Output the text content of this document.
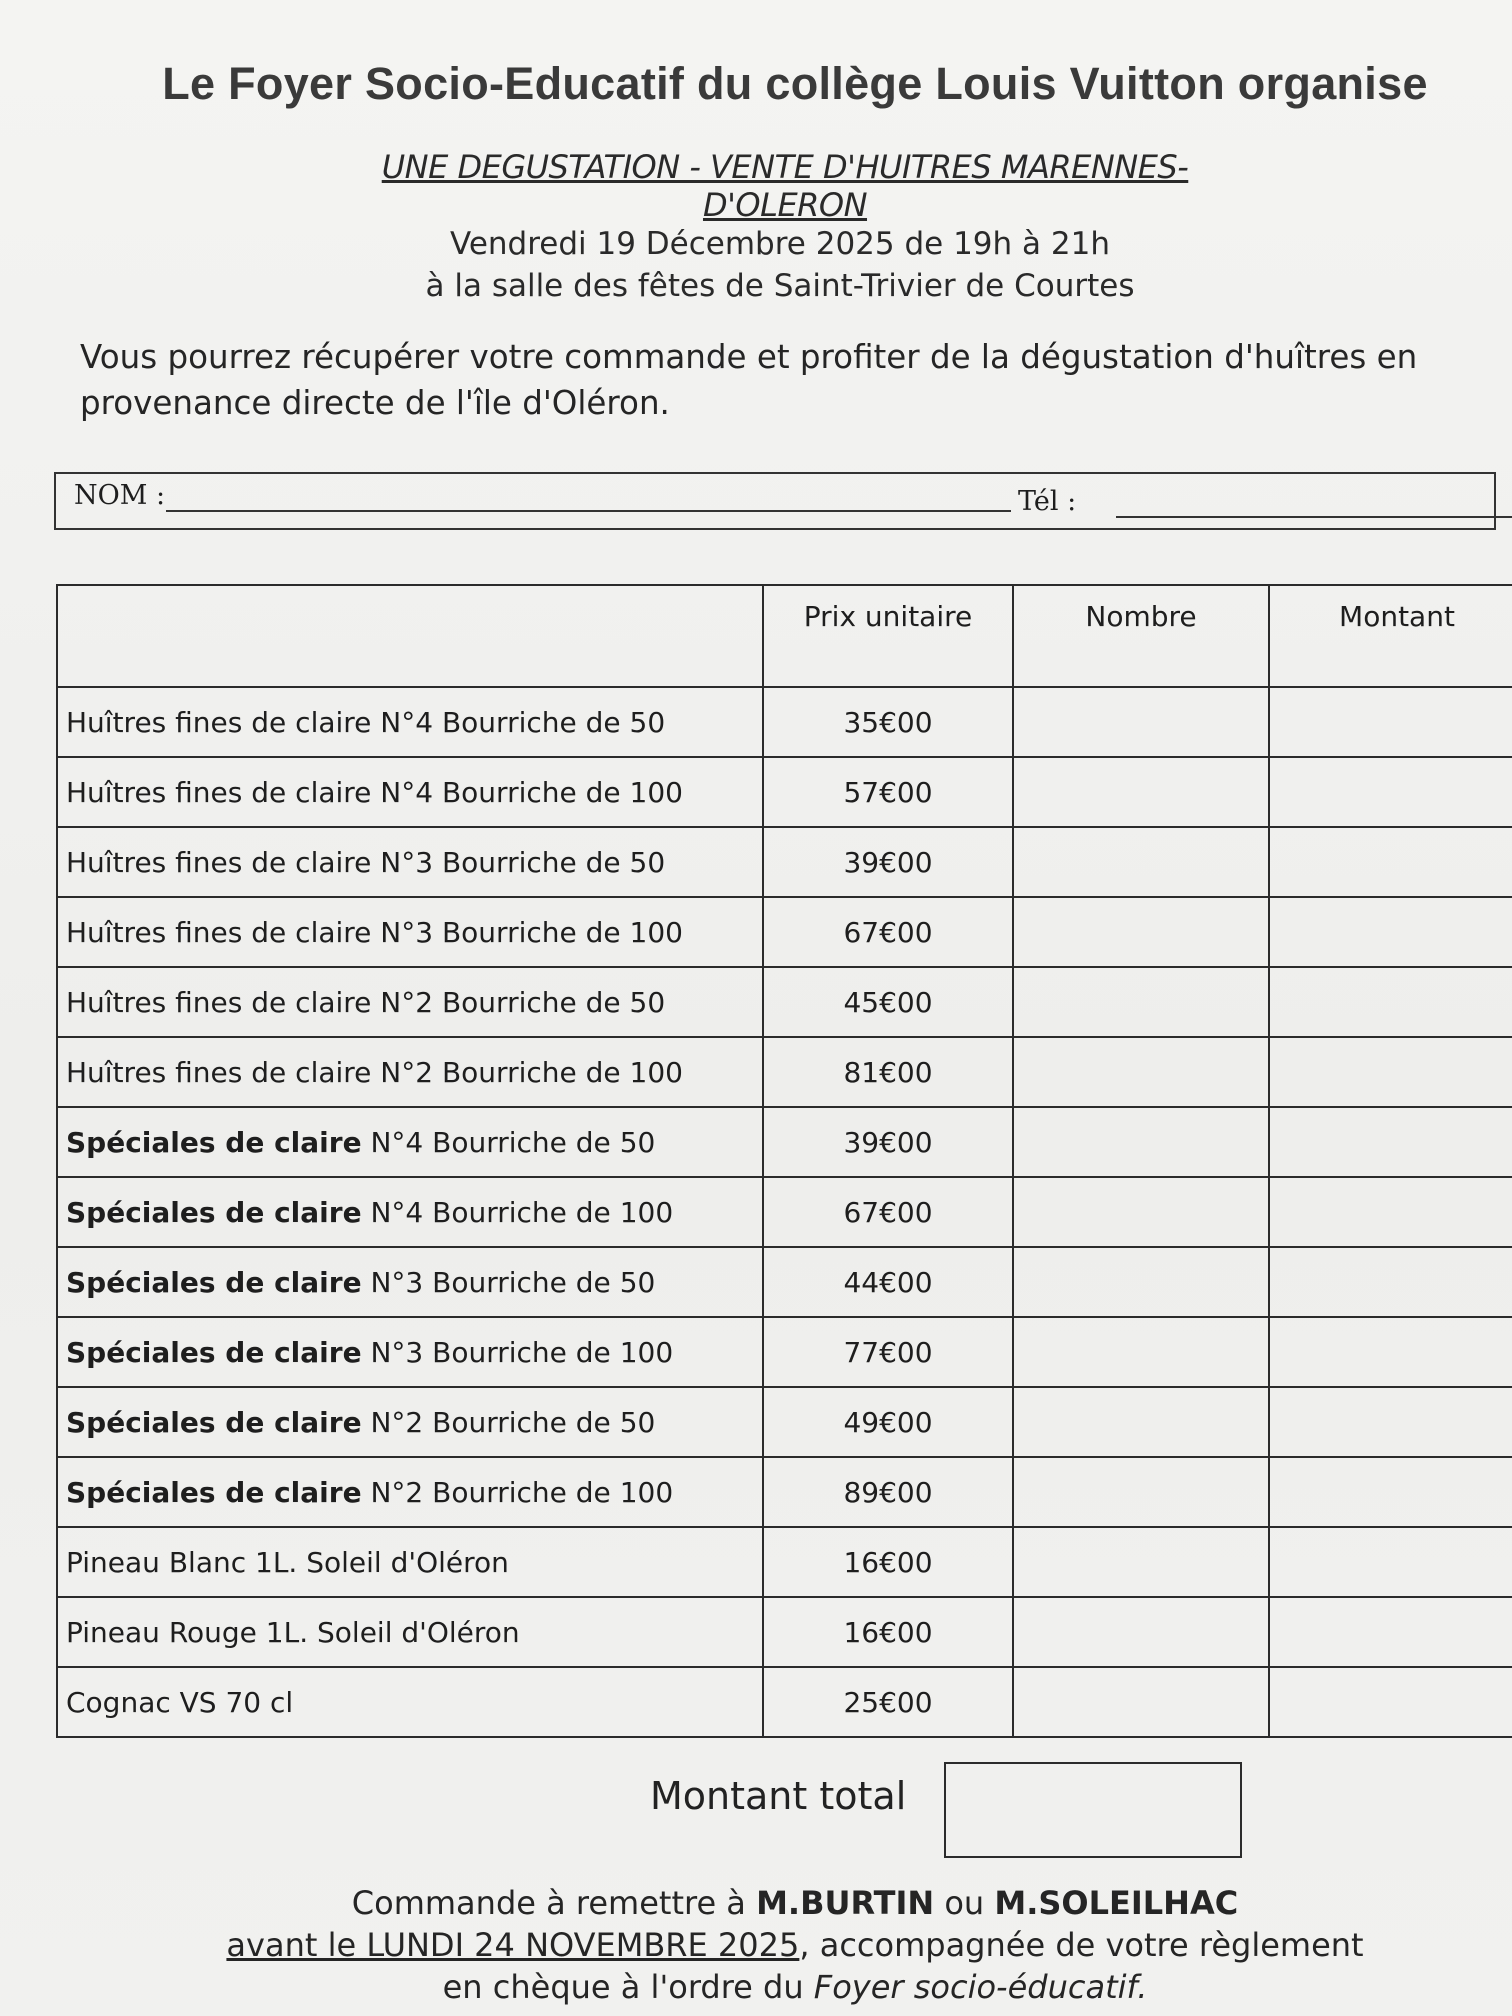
Le Foyer Socio-Educatif du collège Louis Vuitton organise
UNE DEGUSTATION - VENTE D'HUITRES MARENNES-D'OLERON
Vendredi 19 Décembre 2025 de 19h à 21h
à la salle des fêtes de Saint-Trivier de Courtes
Vous pourrez récupérer votre commande et profiter de la dégustation d'huîtres en provenance directe de l'île d'Oléron.
NOM :	Tél :
	Prix unitaire	Nombre	Montant
Huîtres fines de claire N°4 Bourriche de 50	35€00		
Huîtres fines de claire N°4 Bourriche de 100	57€00		
Huîtres fines de claire N°3 Bourriche de 50	39€00		
Huîtres fines de claire N°3 Bourriche de 100	67€00		
Huîtres fines de claire N°2 Bourriche de 50	45€00		
Huîtres fines de claire N°2 Bourriche de 100	81€00		
Spéciales de claire N°4 Bourriche de 50	39€00		
Spéciales de claire N°4 Bourriche de 100	67€00		
Spéciales de claire N°3 Bourriche de 50	44€00		
Spéciales de claire N°3 Bourriche de 100	77€00		
Spéciales de claire N°2 Bourriche de 50	49€00		
Spéciales de claire N°2 Bourriche de 100	89€00		
Pineau Blanc 1L. Soleil d'Oléron	16€00		
Pineau Rouge 1L. Soleil d'Oléron	16€00		
Cognac VS 70 cl	25€00		
Montant total
Commande à remettre à M.BURTIN ou M.SOLEILHAC
avant le LUNDI 24 NOVEMBRE 2025, accompagnée de votre règlement
en chèque à l'ordre du Foyer socio-éducatif.
